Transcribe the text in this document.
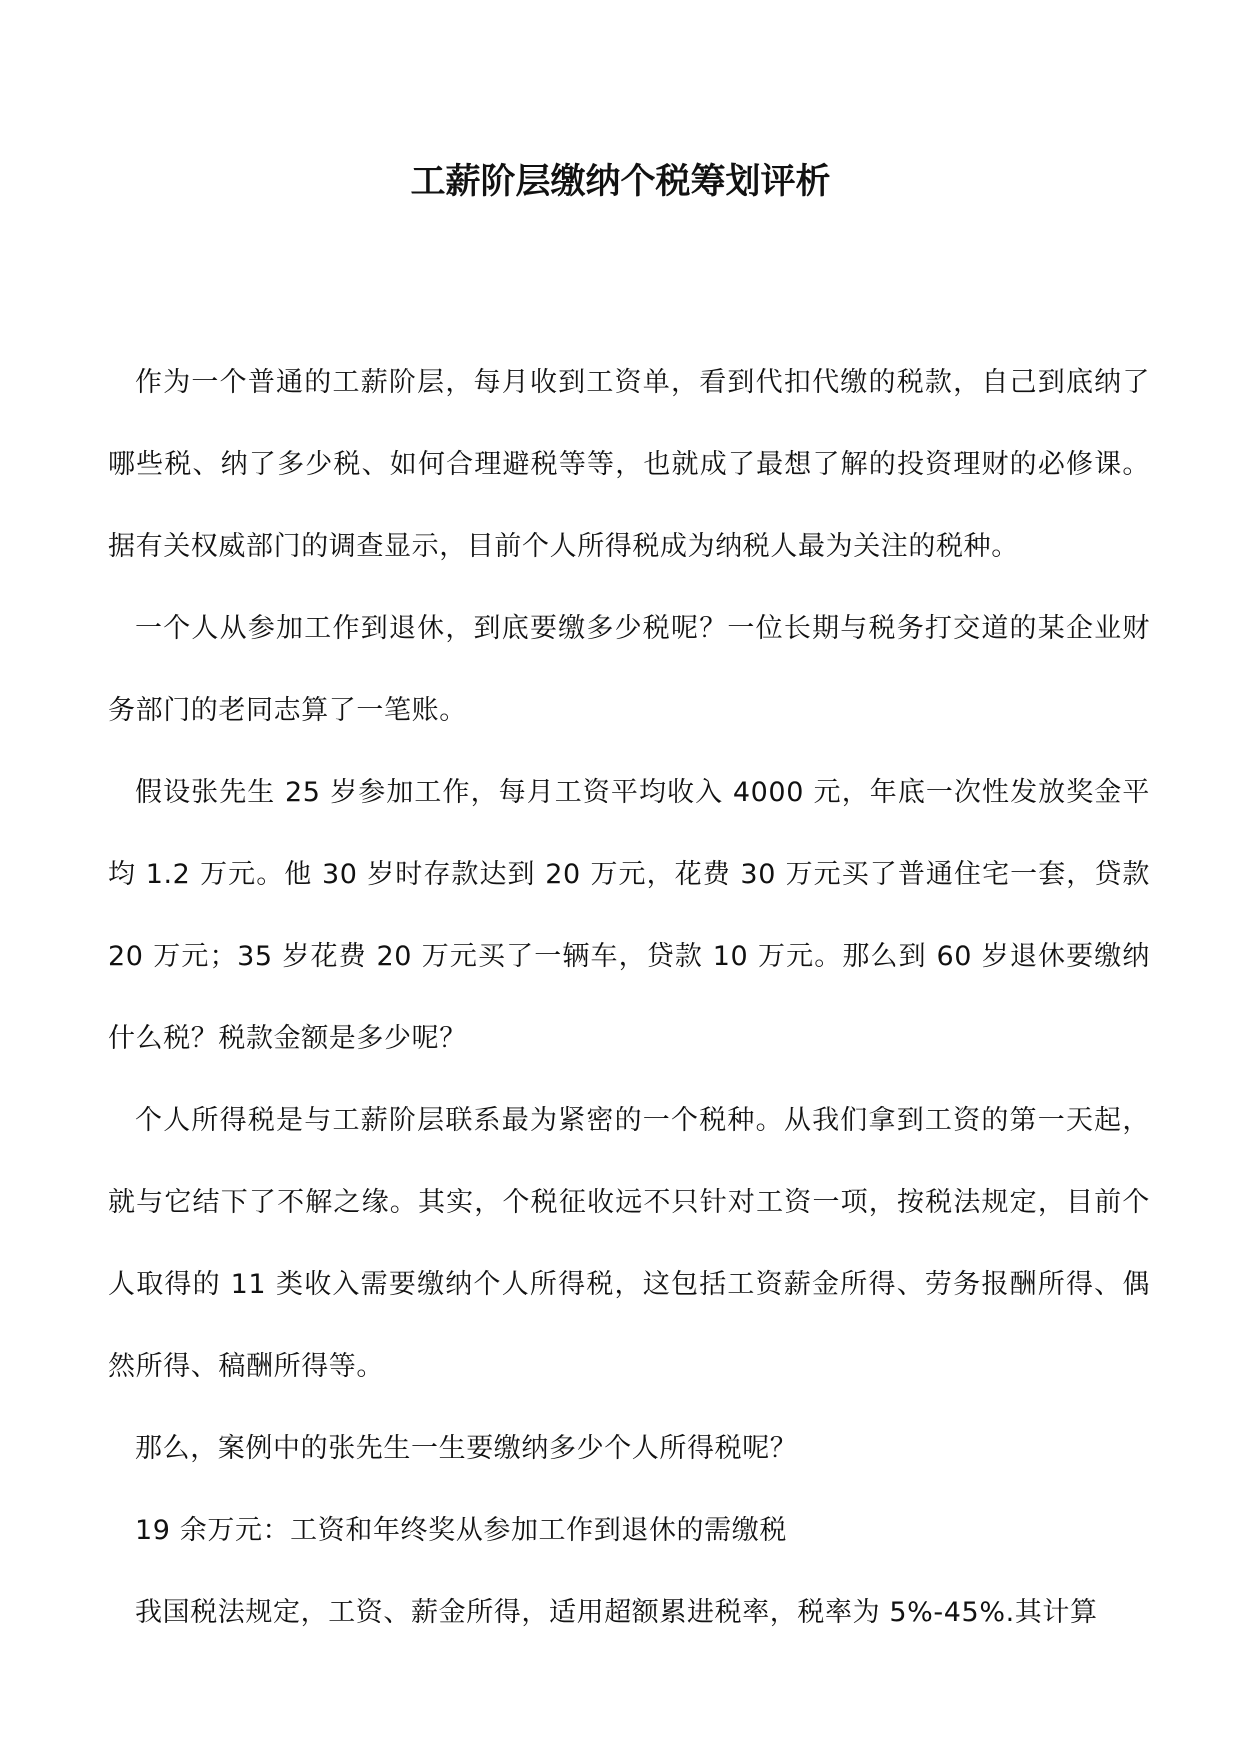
工薪阶层缴纳个税筹划评析

作为一个普通的工薪阶层，每月收到工资单，看到代扣代缴的税款，自己到底纳了哪些税、纳了多少税、如何合理避税等等，也就成了最想了解的投资理财的必修课。据有关权威部门的调查显示，目前个人所得税成为纳税人最为关注的税种。

一个人从参加工作到退休，到底要缴多少税呢？一位长期与税务打交道的某企业财务部门的老同志算了一笔账。

假设张先生 25 岁参加工作，每月工资平均收入 4000 元，年底一次性发放奖金平均 1.2 万元。他 30 岁时存款达到 20 万元，花费 30 万元买了普通住宅一套，贷款 20 万元；35 岁花费 20 万元买了一辆车，贷款 10 万元。那么到 60 岁退休要缴纳什么税？税款金额是多少呢？

个人所得税是与工薪阶层联系最为紧密的一个税种。从我们拿到工资的第一天起，就与它结下了不解之缘。其实，个税征收远不只针对工资一项，按税法规定，目前个人取得的 11 类收入需要缴纳个人所得税，这包括工资薪金所得、劳务报酬所得、偶然所得、稿酬所得等。

那么，案例中的张先生一生要缴纳多少个人所得税呢？

19 余万元：工资和年终奖从参加工作到退休的需缴税

我国税法规定，工资、薪金所得，适用超额累进税率，税率为 5%-45%.其计算
